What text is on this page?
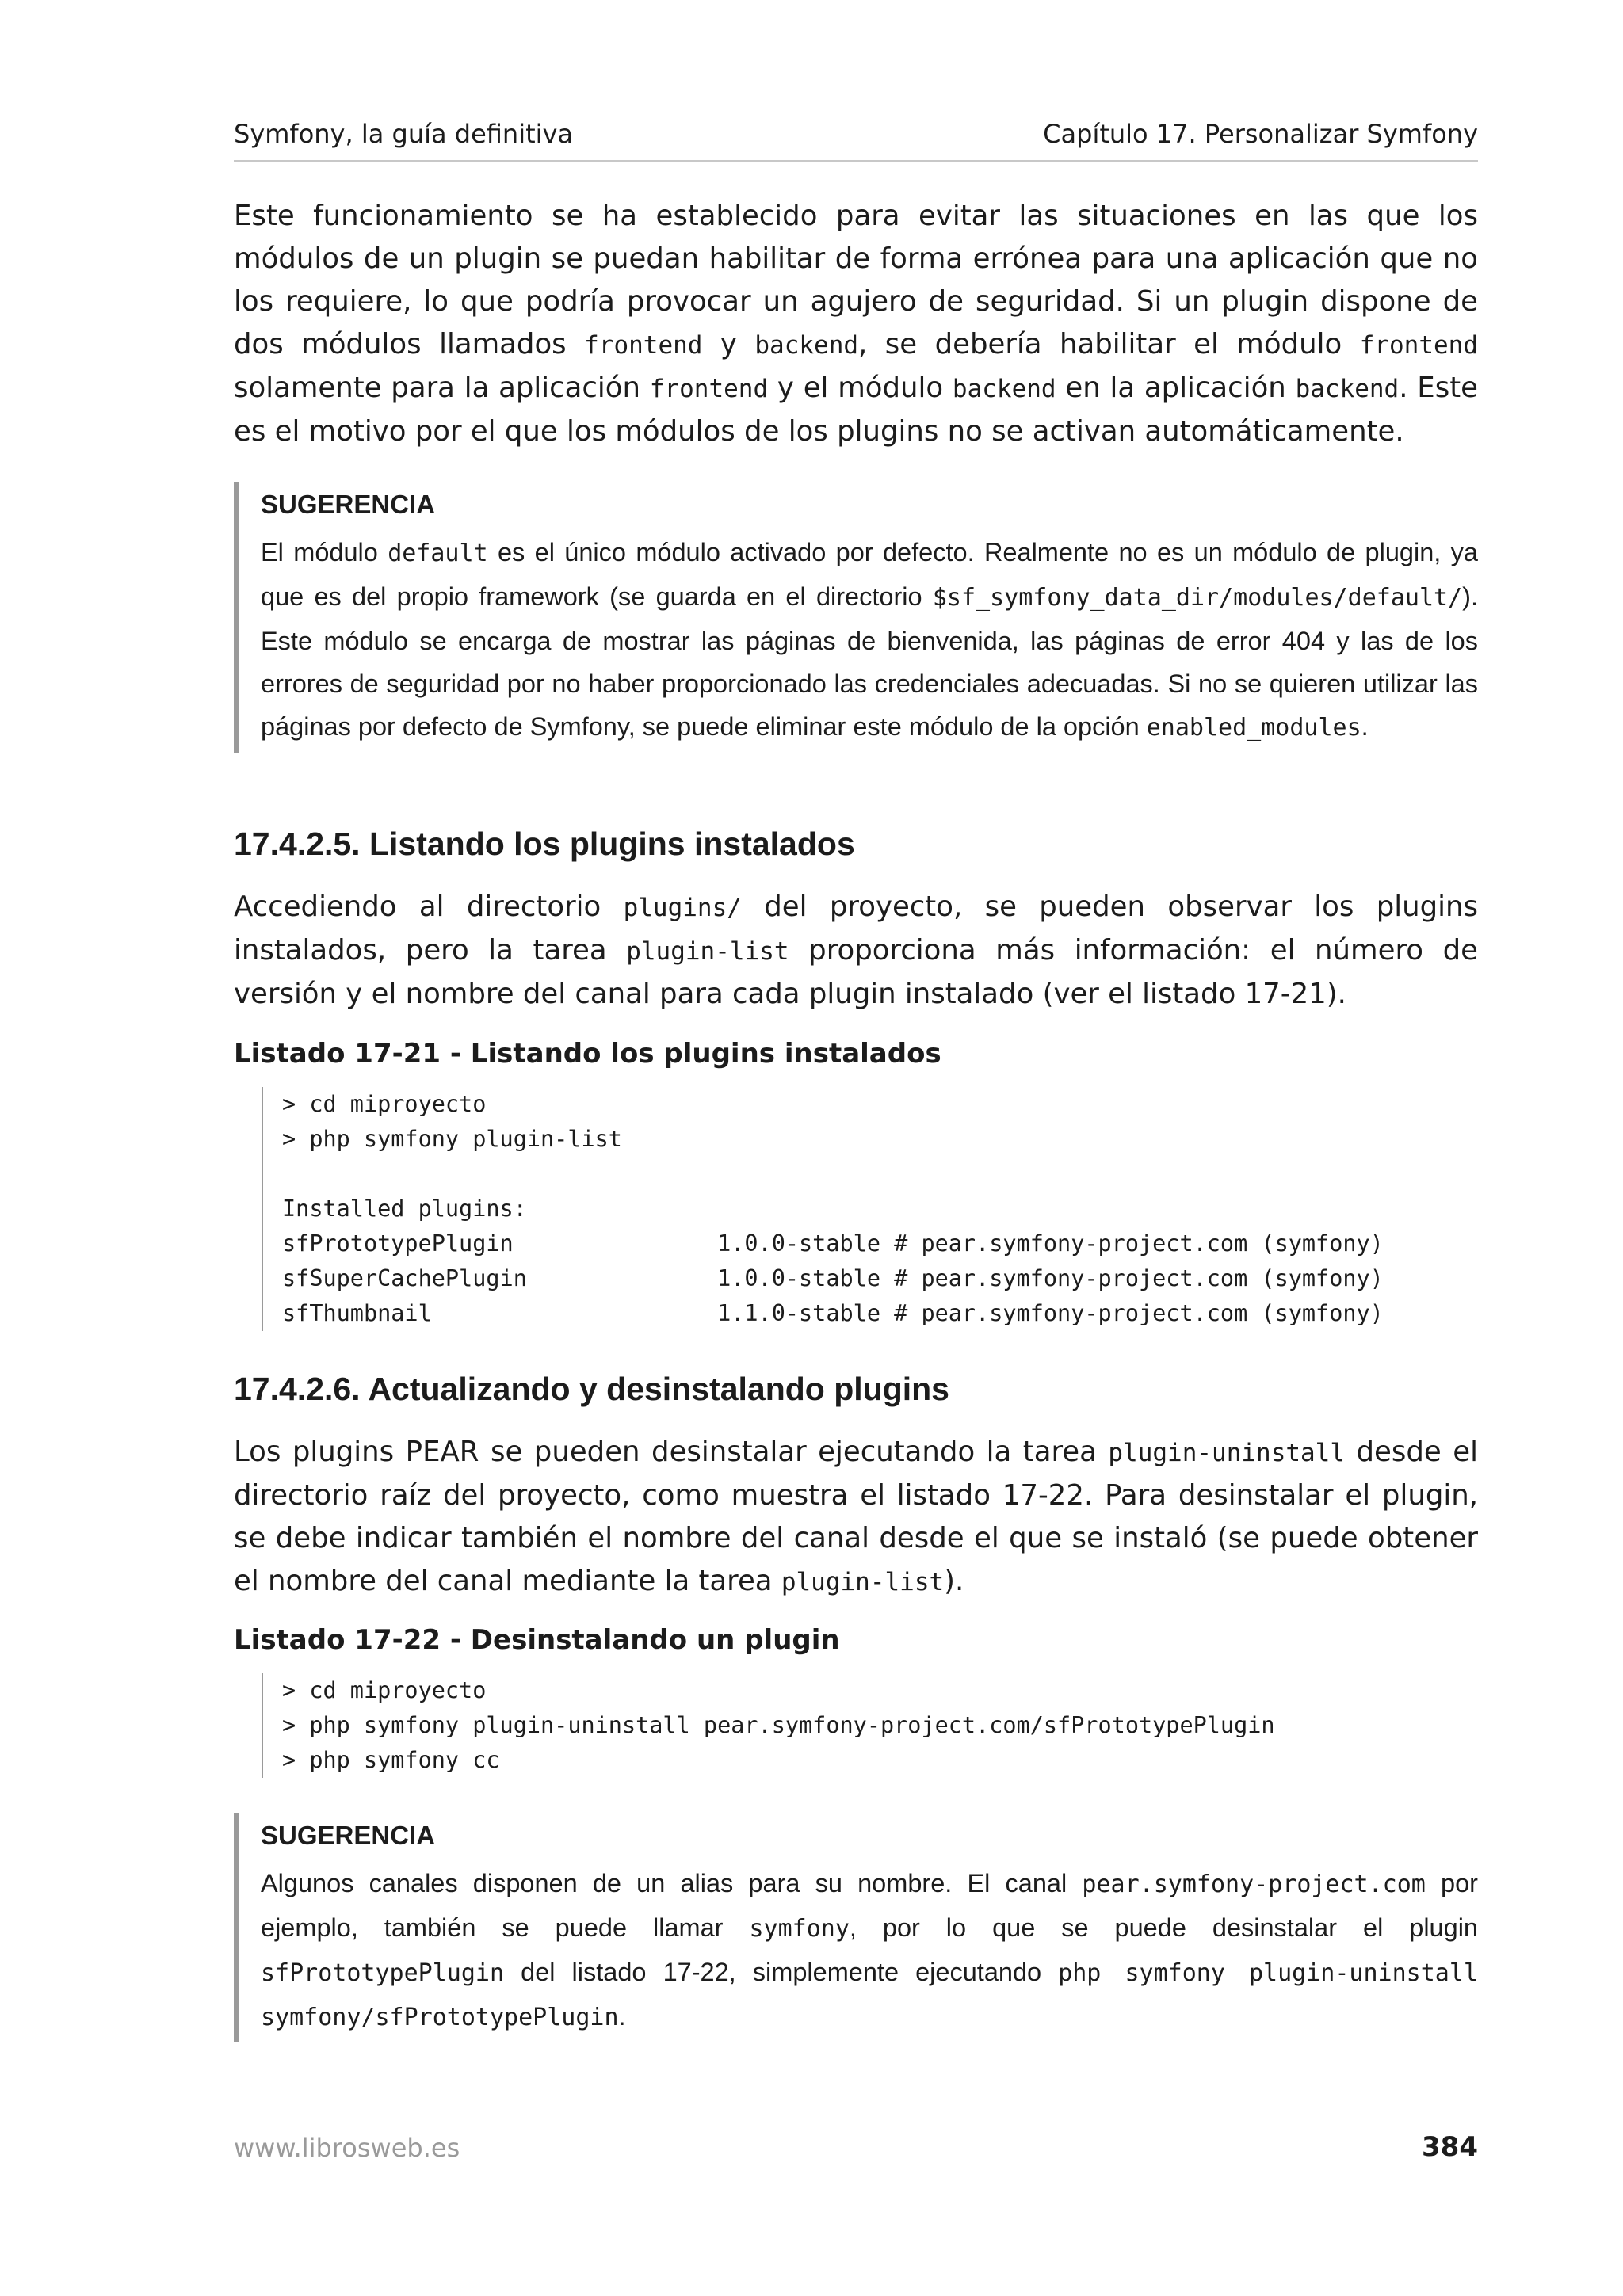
Symfony, la guía definitiva	Capítulo 17. Personalizar Symfony
Este funcionamiento se ha establecido para evitar las situaciones en las que los módulos de un plugin se puedan habilitar de forma errónea para una aplicación que no los requiere, lo que podría provocar un agujero de seguridad. Si un plugin dispone de dos módulos llamados frontend y backend, se debería habilitar el módulo frontend solamente para la aplicación frontend y el módulo backend en la aplicación backend. Este es el motivo por el que los módulos de los plugins no se activan automáticamente.
SUGERENCIA
El módulo default es el único módulo activado por defecto. Realmente no es un módulo de plugin, ya que es del propio framework (se guarda en el directorio $sf_symfony_data_dir/modules/default/). Este módulo se encarga de mostrar las páginas de bienvenida, las páginas de error 404 y las de los errores de seguridad por no haber proporcionado las credenciales adecuadas. Si no se quieren utilizar las páginas por defecto de Symfony, se puede eliminar este módulo de la opción enabled_modules.
17.4.2.5. Listando los plugins instalados
Accediendo al directorio plugins/ del proyecto, se pueden observar los plugins instalados, pero la tarea plugin-list proporciona más información: el número de versión y el nombre del canal para cada plugin instalado (ver el listado 17-21).
Listado 17-21 - Listando los plugins instalados
> cd miproyecto
> php symfony plugin-list
Installed plugins:
sfPrototypePlugin               1.0.0-stable # pear.symfony-project.com (symfony)
sfSuperCachePlugin              1.0.0-stable # pear.symfony-project.com (symfony)
sfThumbnail                     1.1.0-stable # pear.symfony-project.com (symfony)
17.4.2.6. Actualizando y desinstalando plugins
Los plugins PEAR se pueden desinstalar ejecutando la tarea plugin-uninstall desde el directorio raíz del proyecto, como muestra el listado 17-22. Para desinstalar el plugin, se debe indicar también el nombre del canal desde el que se instaló (se puede obtener el nombre del canal mediante la tarea plugin-list).
Listado 17-22 - Desinstalando un plugin
> cd miproyecto
> php symfony plugin-uninstall pear.symfony-project.com/sfPrototypePlugin
> php symfony cc
SUGERENCIA
Algunos canales disponen de un alias para su nombre. El canal pear.symfony-project.com por ejemplo, también se puede llamar symfony, por lo que se puede desinstalar el plugin sfPrototypePlugin del listado 17-22, simplemente ejecutando php symfony plugin-uninstall symfony/sfPrototypePlugin.
www.librosweb.es	384
